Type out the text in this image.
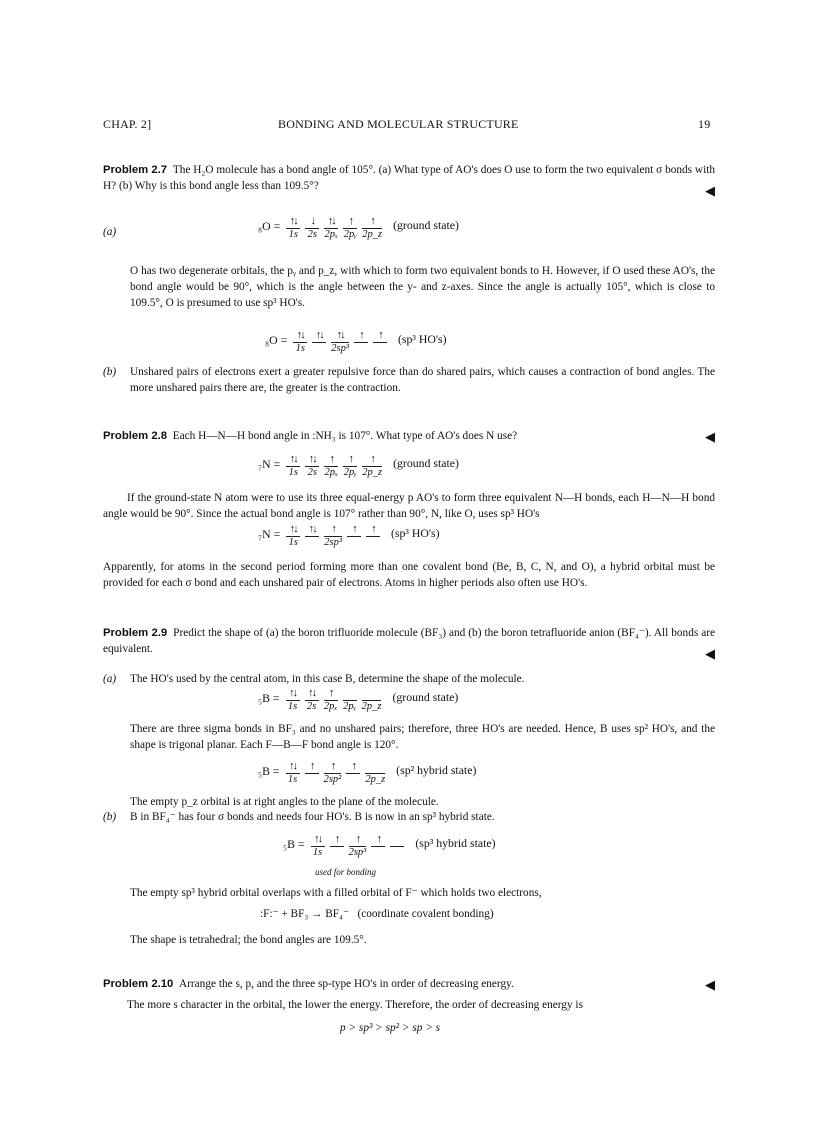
CHAP. 2]	BONDING AND MOLECULAR STRUCTURE	19

Problem 2.7 The H₂O molecule has a bond angle of 105°. (a) What type of AO's does O use to form the two equivalent σ bonds with H? (b) Why is this bond angle less than 109.5°?	◀
(a)	₈O = ↑↓
1s
↓
2s
↑↓
2pₓ
↑
2pᵧ
↑
2p_z
(ground state)

O has two degenerate orbitals, the pᵧ and p_z, with which to form two equivalent bonds to H. However, if O used these AO's, the bond angle would be 90°, which is the angle between the y- and z-axes. Since the angle is actually 105°, which is close to 109.5°, O is presumed to use sp³ HO's.

₈O = ↑↓
1s
↑↓
	↑↓
2sp³
↑
	↑
	(sp³ HO's)
(b) Unshared pairs of electrons exert a greater repulsive force than do shared pairs, which causes a contraction of bond angles. The more unshared pairs there are, the greater is the contraction.

Problem 2.8 Each H—N—H bond angle in :NH₃ is 107°. What type of AO's does N use?	◀
₇N = ↑↓
1s
↑↓
2s
↑
2pₓ
↑
2pᵧ
↑
2p_z
(ground state)

If the ground-state N atom were to use its three equal-energy p AO's to form three equivalent N—H bonds, each H—N—H bond angle would be 90°. Since the actual bond angle is 107° rather than 90°, N, like O, uses sp³ HO's

₇N = ↑↓
1s
↑↓
	↑
2sp³
↑
	↑
	(sp³ HO's)

Apparently, for atoms in the second period forming more than one covalent bond (Be, B, C, N, and O), a hybrid orbital must be provided for each σ bond and each unshared pair of electrons. Atoms in higher periods also often use HO's.

Problem 2.9 Predict the shape of (a) the boron trifluoride molecule (BF₃) and (b) the boron tetrafluoride anion (BF₄⁻). All bonds are equivalent.	◀
(a) The HO's used by the central atom, in this case B, determine the shape of the molecule.

₅B = ↑↓
1s
↑↓
2s
↑
2pₓ
2pᵧ
2p_z
(ground state)

There are three sigma bonds in BF₃ and no unshared pairs; therefore, three HO's are needed. Hence, B uses sp² HO's, and the shape is trigonal planar. Each F—B—F bond angle is 120°.

₅B = ↑↓
1s
↑
	↑
2sp²
↑

2p_z
(sp² hybrid state)

The empty p_z orbital is at right angles to the plane of the molecule.

(b) B in BF₄⁻ has four σ bonds and needs four HO's. B is now in an sp³ hybrid state.

₅B = ↑↓
1s
↑
	↑
2sp³
↑

	(sp³ hybrid state)
used for bonding

The empty sp³ hybrid orbital overlaps with a filled orbital of F⁻ which holds two electrons,

:F:⁻ + BF₃ → BF₄⁻ (coordinate covalent bonding)

The shape is tetrahedral; the bond angles are 109.5°.

Problem 2.10 Arrange the s, p, and the three sp-type HO's in order of decreasing energy.	◀

The more s character in the orbital, the lower the energy. Therefore, the order of decreasing energy is

p > sp³ > sp² > sp > s
